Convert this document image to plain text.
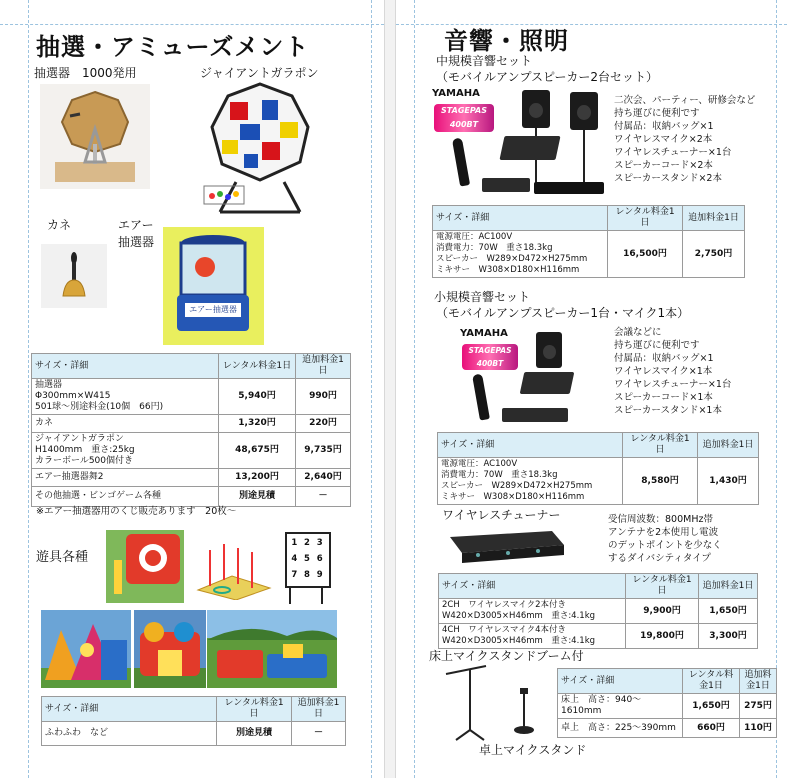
抽選・アミューズメント
抽選器　1000発用	ジャイアントガラポン
カネ	エアー
抽選器
エアー抽選器
サイズ・詳細	レンタル料金1日	追加料金1日

抽選器
Φ300mm×W415
501球～別途料金(10個　66円)	5,940円	990円
カネ	1,320円	220円

ジャイアントガラポン
H1400mm　重さ:25kg
カラーボール500個付き	48,675円	9,735円
エアー抽選器舞2	13,200円	2,640円
その他抽選・ビンゴゲーム各種	別途見積	－
※エアー抽選器用のくじ販売あります　20枚～
遊具各種
1 2 3
4 5 6
7 8 9
サイズ・詳細	レンタル料金1日	追加料金1日
ふわふわ　など	別途見積	－
音響・照明
中規模音響セット
（モバイルアンプスピーカー2台セット）
YAMAHA
STAGEPAS 400BT
二次会、パーティー、研修会など
持ち運びに便利です
付属品：収納バッグ×1
ワイヤレスマイク×2本
ワイヤレスチューナー×1台
スピーカーコード×2本
スピーカースタンド×2本
サイズ・詳細	レンタル料金1日	追加料金1日

電源電圧：AC100V
消費電力：70W　重さ18.3kg
スピーカー　W289×D472×H275mm
ミキサー　W308×D180×H116mm	16,500円	2,750円
小規模音響セット
（モバイルアンプスピーカー1台・マイク1本）
YAMAHA
STAGEPAS 400BT
会議などに
持ち運びに便利です
付属品：収納バッグ×1
ワイヤレスマイク×1本
ワイヤレスチューナー×1台
スピーカーコード×1本
スピーカースタンド×1本
サイズ・詳細	レンタル料金1日	追加料金1日

電源電圧：AC100V
消費電力：70W　重さ18.3kg
スピーカー　W289×D472×H275mm
ミキサー　W308×D180×H116mm	8,580円	1,430円
ワイヤレスチューナー	受信周波数：800MHz帯
アンテナを2本使用し電波
のデットポイントを少なく
するダイバシティタイプ
サイズ・詳細	レンタル料金1日	追加料金1日

2CH　ワイヤレスマイク2本付き
W420×D3005×H46mm　重さ:4.1kg	9,900円	1,650円

4CH　ワイヤレスマイク4本付き
W420×D3005×H46mm　重さ:4.1kg	19,800円	3,300円
床上マイクスタンドブーム付
卓上マイクスタンド
サイズ・詳細	レンタル料金1日	追加料金1日
床上　高さ：940～1610mm	1,650円	275円
卓上　高さ：225～390mm	660円	110円
